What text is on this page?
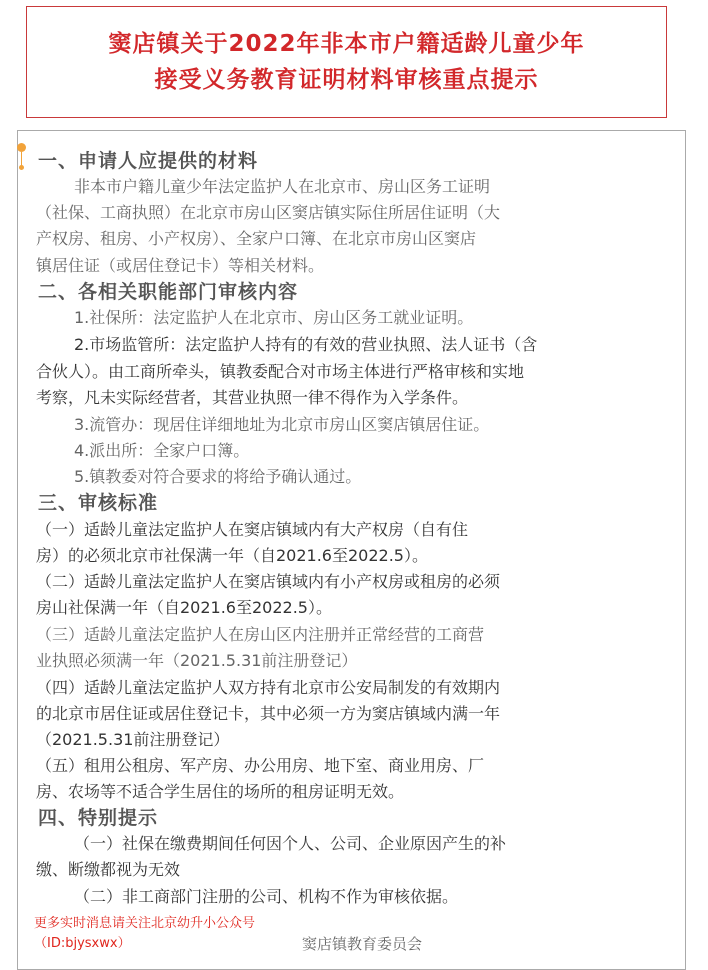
窦店镇关于2022年非本市户籍适龄儿童少年
接受义务教育证明材料审核重点提示
一、申请人应提供的材料
非本市户籍儿童少年法定监护人在北京市、房山区务工证明
（社保、工商执照）在北京市房山区窦店镇实际住所居住证明（大
产权房、租房、小产权房）、全家户口簿、在北京市房山区窦店
镇居住证（或居住登记卡）等相关材料。
二、各相关职能部门审核内容
1.社保所：法定监护人在北京市、房山区务工就业证明。
2.市场监管所：法定监护人持有的有效的营业执照、法人证书（含
合伙人）。由工商所牵头，镇教委配合对市场主体进行严格审核和实地
考察，凡未实际经营者，其营业执照一律不得作为入学条件。
3.流管办：现居住详细地址为北京市房山区窦店镇居住证。
4.派出所：全家户口簿。
5.镇教委对符合要求的将给予确认通过。
三、审核标准
（一）适龄儿童法定监护人在窦店镇域内有大产权房（自有住
房）的必须北京市社保满一年（自2021.6至2022.5）。
（二）适龄儿童法定监护人在窦店镇域内有小产权房或租房的必须
房山社保满一年（自2021.6至2022.5）。
（三）适龄儿童法定监护人在房山区内注册并正常经营的工商营
业执照必须满一年（2021.5.31前注册登记）
（四）适龄儿童法定监护人双方持有北京市公安局制发的有效期内
的北京市居住证或居住登记卡，其中必须一方为窦店镇域内满一年
（2021.5.31前注册登记）
（五）租用公租房、军产房、办公用房、地下室、商业用房、厂
房、农场等不适合学生居住的场所的租房证明无效。
四、特别提示
（一）社保在缴费期间任何因个人、公司、企业原因产生的补
缴、断缴都视为无效
（二）非工商部门注册的公司、机构不作为审核依据。
更多实时消息请关注北京幼升小公众号
（ID:bjysxwx）	窦店镇教育委员会
